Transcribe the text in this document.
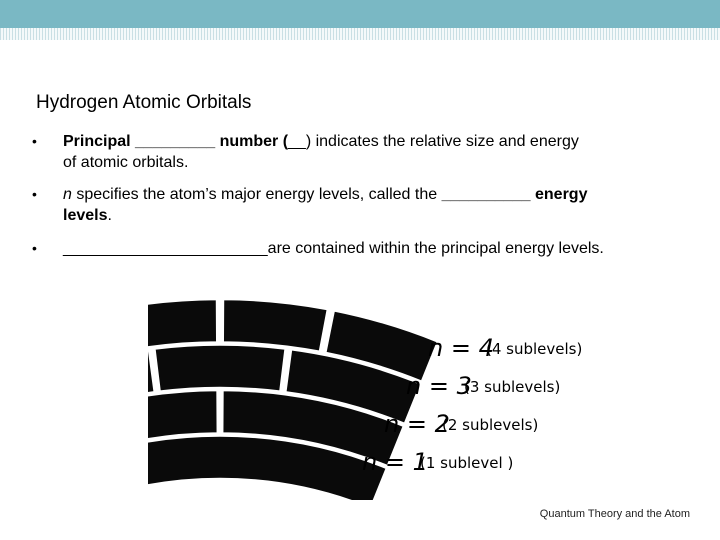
Hydrogen Atomic Orbitals
• Principal _________ number (__) indicates the relative size and energy
of atomic orbitals.
• n specifies the atom’s major energy levels, called the __________ energy
levels.
• _______________________are contained within the principal energy levels.
n = 4
(4 sublevels)
n = 3
(3 sublevels)
n = 2
(2 sublevels)
n = 1
(1 sublevel )
Quantum Theory and the Atom
